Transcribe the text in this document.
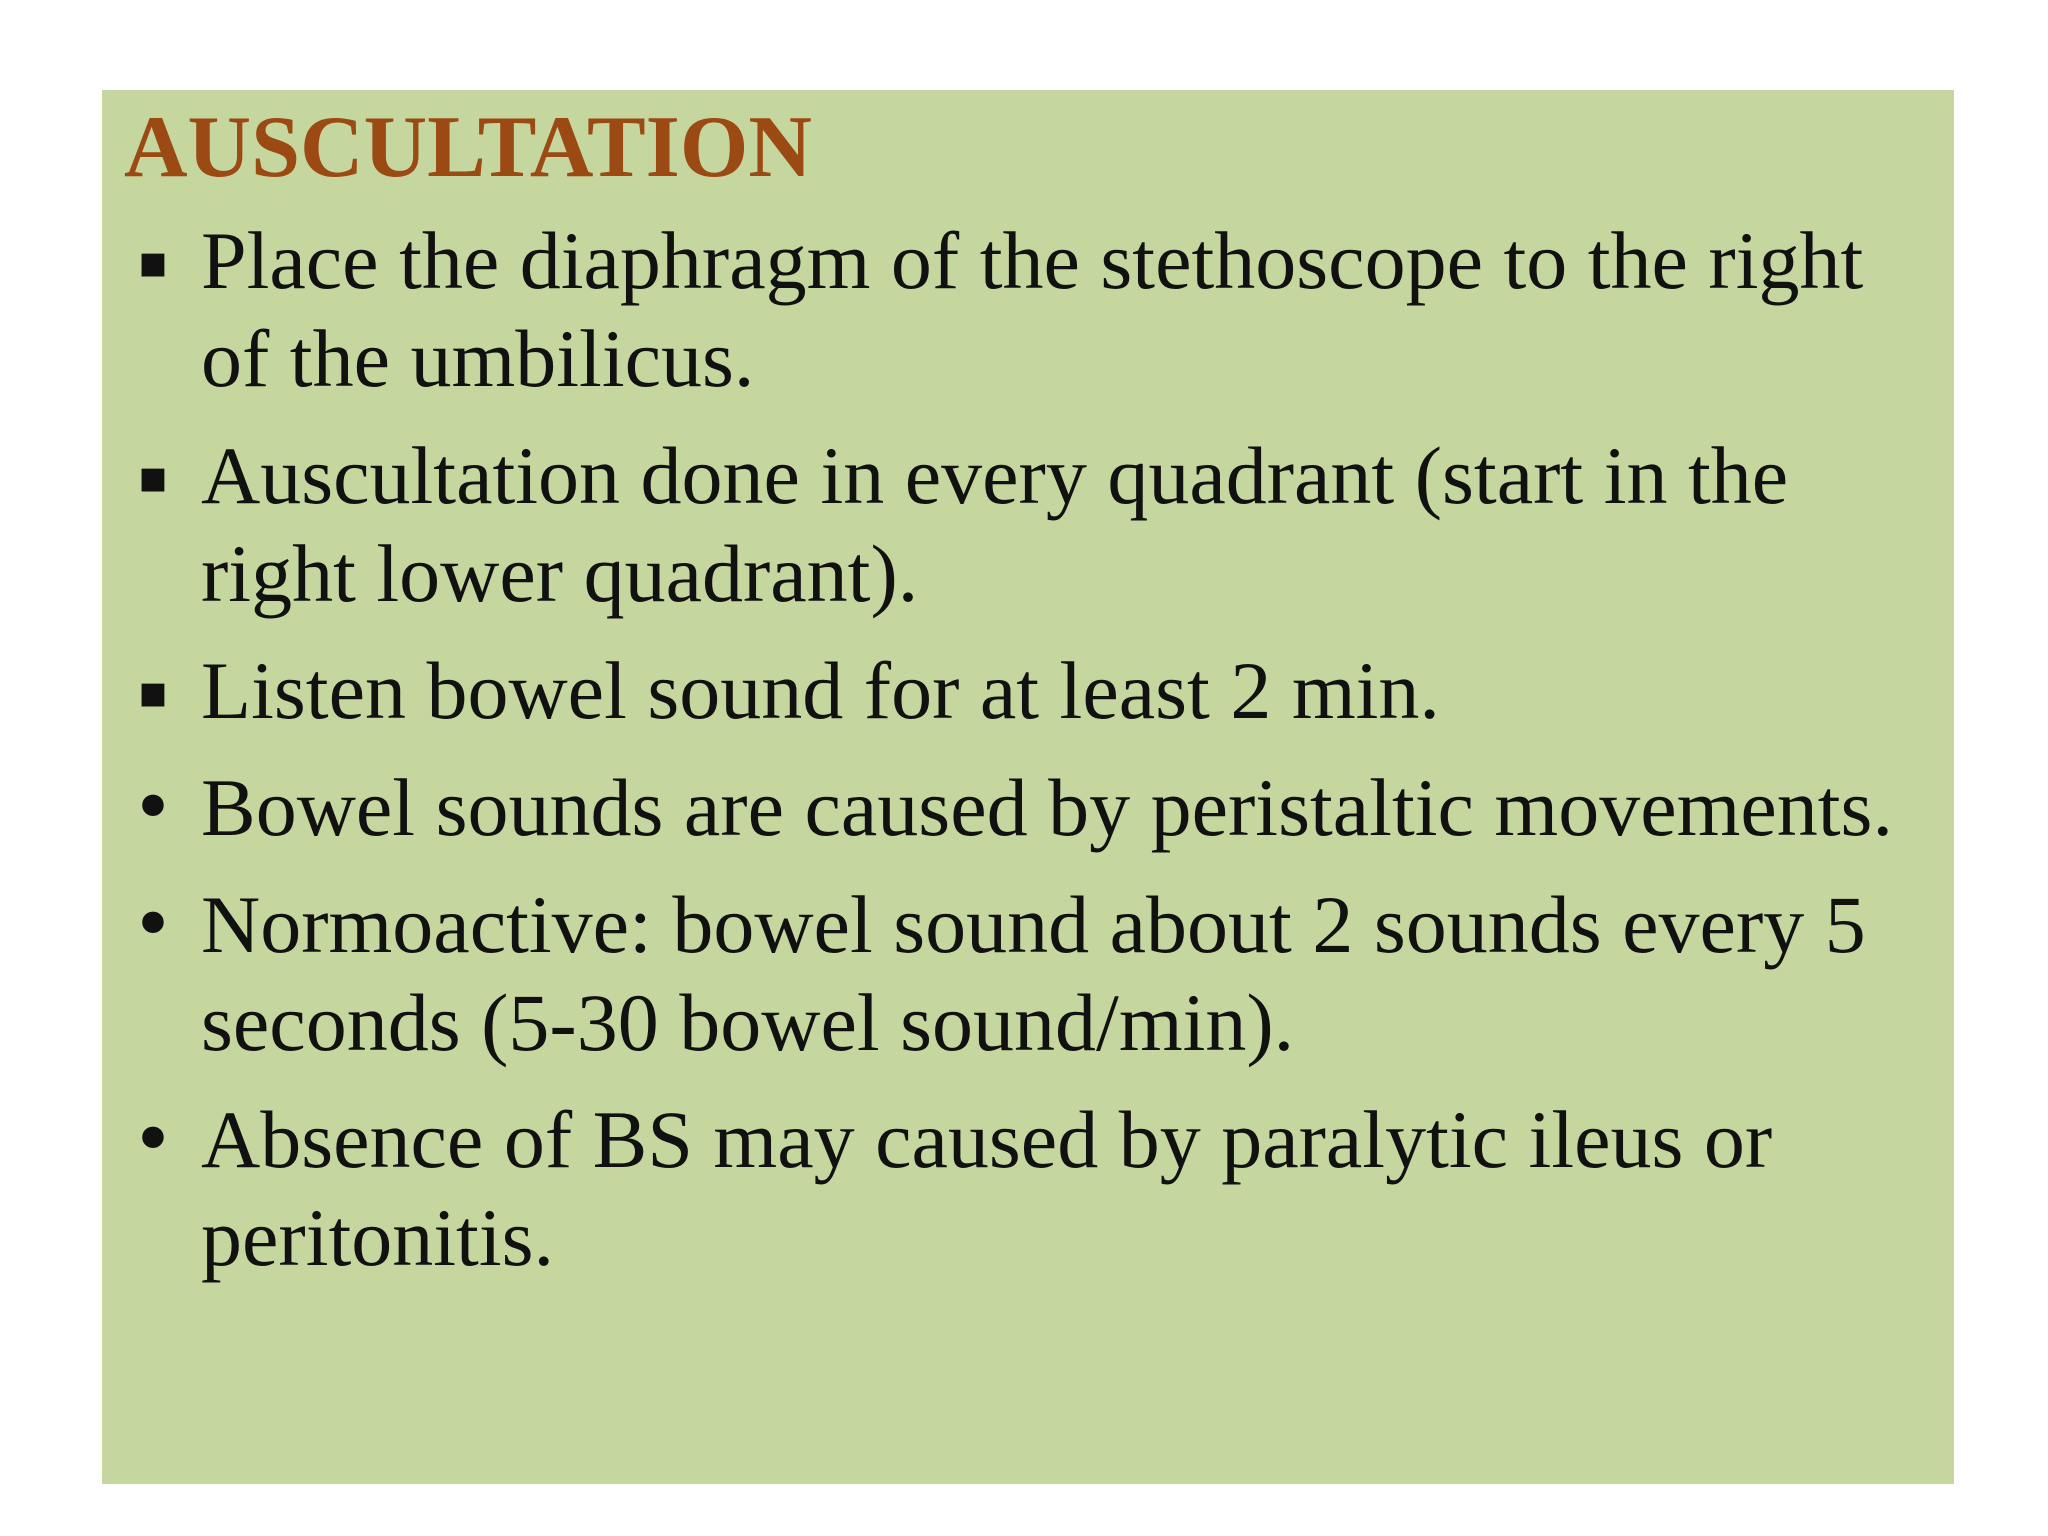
AUSCULTATION
▪ Place the diaphragm of the stethoscope to the right of the umbilicus.
▪ Auscultation done in every quadrant (start in the right lower quadrant).
▪ Listen bowel sound for at least 2 min.
• Bowel sounds are caused by peristaltic movements.
• Normoactive: bowel sound about 2 sounds every 5 seconds (5-30 bowel sound/min).
• Absence of BS may caused by paralytic ileus or peritonitis.
